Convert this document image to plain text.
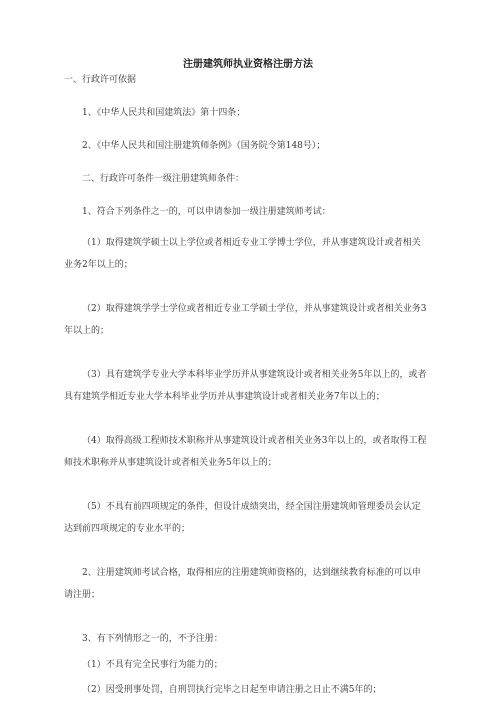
注册建筑师执业资格注册方法
一、行政许可依据
1、《中华人民共和国建筑法》第十四条；
2、《中华人民共和国注册建筑师条例》（国务院令第148号）；
二、行政许可条件一级注册建筑师条件：
1、符合下列条件之一的，可以申请参加一级注册建筑师考试：
（1）取得建筑学硕士以上学位或者相近专业工学博士学位，并从事建筑设计或者相关业务2年以上的；
（2）取得建筑学学士学位或者相近专业工学硕士学位，并从事建筑设计或者相关业务3年以上的；
（3）具有建筑学专业大学本科毕业学历并从事建筑设计或者相关业务5年以上的，或者具有建筑学相近专业大学本科毕业学历并从事建筑设计或者相关业务7年以上的；
（4）取得高级工程师技术职称并从事建筑设计或者相关业务3年以上的，或者取得工程师技术职称并从事建筑设计或者相关业务5年以上的；
（5）不具有前四项规定的条件，但设计成绩突出，经全国注册建筑师管理委员会认定达到前四项规定的专业水平的；
2、注册建筑师考试合格，取得相应的注册建筑师资格的，达到继续教育标准的可以申请注册；
3、有下列情形之一的，不予注册：
（1）不具有完全民事行为能力的；
（2）因受刑事处罚，自刑罚执行完毕之日起至申请注册之日止不满5年的；
